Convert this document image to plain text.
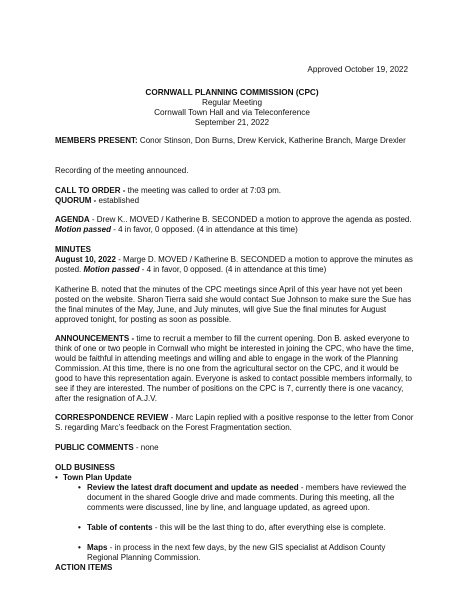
Approved October 19, 2022
CORNWALL PLANNING COMMISSION (CPC)
Regular Meeting
Cornwall Town Hall and via Teleconference
September 21, 2022

MEMBERS PRESENT: Conor Stinson, Don Burns, Drew Kervick, Katherine Branch, Marge Drexler

Recording of the meeting announced.

CALL TO ORDER - the meeting was called to order at 7:03 pm.

QUORUM - established

AGENDA - Drew K.. MOVED / Katherine B. SECONDED a motion to approve the agenda as posted. Motion passed - 4 in favor, 0 opposed. (4 in attendance at this time)

MINUTES

August 10, 2022 - Marge D. MOVED / Katherine B. SECONDED a motion to approve the minutes as posted. Motion passed - 4 in favor, 0 opposed. (4 in attendance at this time)

Katherine B. noted that the minutes of the CPC meetings since April of this year have not yet been posted on the website. Sharon Tierra said she would contact Sue Johnson to make sure the Sue has the final minutes of the May, June, and July minutes, will give Sue the final minutes for August approved tonight, for posting as soon as possible.

ANNOUNCEMENTS - time to recruit a member to fill the current opening. Don B. asked everyone to think of one or two people in Cornwall who might be interested in joining the CPC, who have the time, would be faithful in attending meetings and willing and able to engage in the work of the Planning Commission. At this time, there is no one from the agricultural sector on the CPC, and it would be good to have this representation again. Everyone is asked to contact possible members informally, to see if they are interested. The number of positions on the CPC is 7, currently there is one vacancy, after the resignation of A.J.V.

CORRESPONDENCE REVIEW - Marc Lapin replied with a positive response to the letter from Conor S. regarding Marc’s feedback on the Forest Fragmentation section.

PUBLIC COMMENTS - none

OLD BUSINESS

• Town Plan Update
• Review the latest draft document and update as needed - members have reviewed the document in the shared Google drive and made comments. During this meeting, all the comments were discussed, line by line, and language updated, as agreed upon.
• Table of contents - this will be the last thing to do, after everything else is complete.
• Maps - in process in the next few days, by the new GIS specialist at Addison County Regional Planning Commission.

ACTION ITEMS
